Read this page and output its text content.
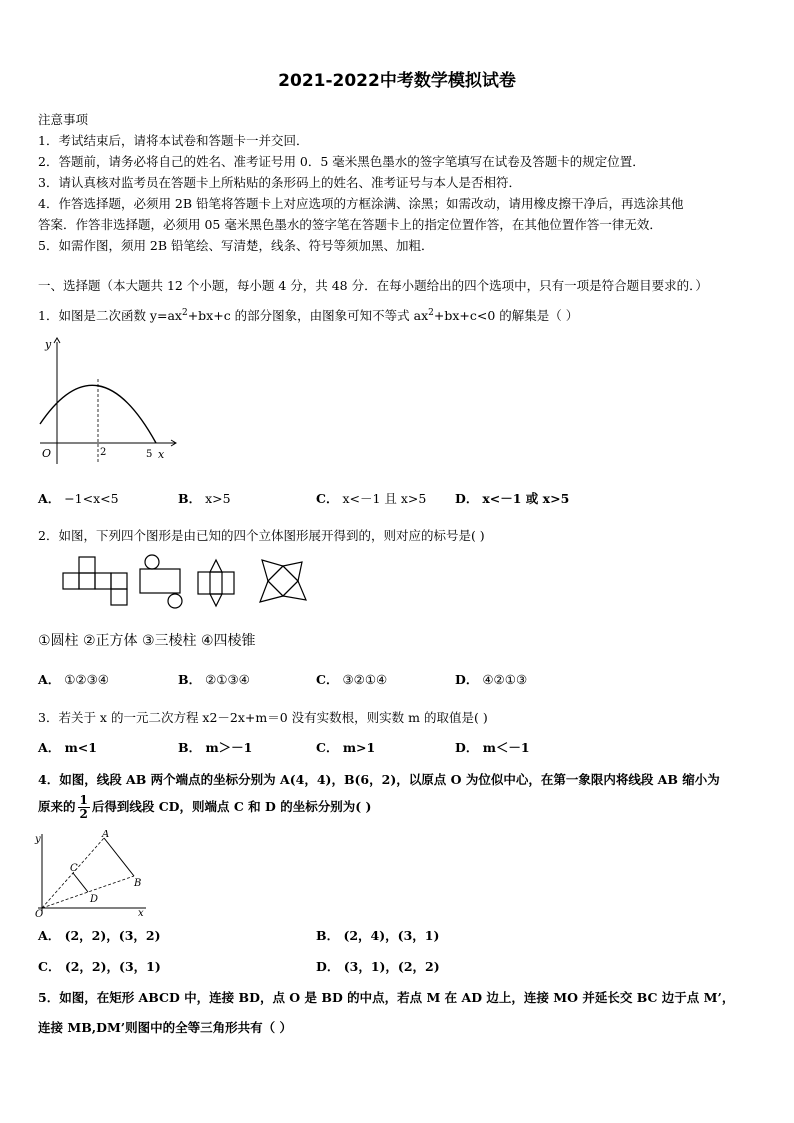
2021-2022中考数学模拟试卷
注意事项
1．考试结束后，请将本试卷和答题卡一并交回．
2．答题前，请务必将自己的姓名、准考证号用 0．5 毫米黑色墨水的签字笔填写在试卷及答题卡的规定位置．
3．请认真核对监考员在答题卡上所粘贴的条形码上的姓名、准考证号与本人是否相符．
4．作答选择题，必须用 2B 铅笔将答题卡上对应选项的方框涂满、涂黑；如需改动，请用橡皮擦干净后，再选涂其他
答案．作答非选择题，必须用 05 毫米黑色墨水的签字笔在答题卡上的指定位置作答，在其他位置作答一律无效．
5．如需作图，须用 2B 铅笔绘、写清楚，线条、符号等须加黑、加粗．
一、选择题（本大题共 12 个小题，每小题 4 分，共 48 分．在每小题给出的四个选项中，只有一项是符合题目要求的．）
1．如图是二次函数 $y=ax^2+bx+c$ 的部分图象，由图象可知不等式 $ax^2+bx+c<0$ 的解集是（ ）
y
x
O	2	5
A． −1<x<5	B． x>5	C． x<－1 且 x>5 D． x<－1 或 x>5
2．如图，下列四个图形是由已知的四个立体图形展开得到的，则对应的标号是( )
①圆柱 ②正方体 ③三棱柱 ④四棱锥
A． ①②③④	B． ②①③④	C． ③②①④	D． ④②①③
3．若关于 x 的一元二次方程 x2－2x+m＝0 没有实数根，则实数 m 的取值是( )
A． m<1	B． m＞－1	C． m>1	D． m＜－1
4．如图，线段 AB 两个端点的坐标分别为 A(4，4)，B(6，2)，以原点 O 为位似中心，在第一象限内将线段 AB 缩小为
原来的 $\frac{1}{2}$ 后得到线段 CD，则端点 C 和 D 的坐标分别为( )
y
x
O
A
B
C
D
A． (2，2)，(3，2)	B． (2，4)，(3，1)
C． (2，2)，(3，1)	D． (3，1)，(2，2)
5．如图，在矩形 ABCD 中，连接 BD，点 O 是 BD 的中点，若点 M 在 AD 边上，连接 MO 并延长交 BC 边于点 M’，
连接 MB,DM’则图中的全等三角形共有（ ）
